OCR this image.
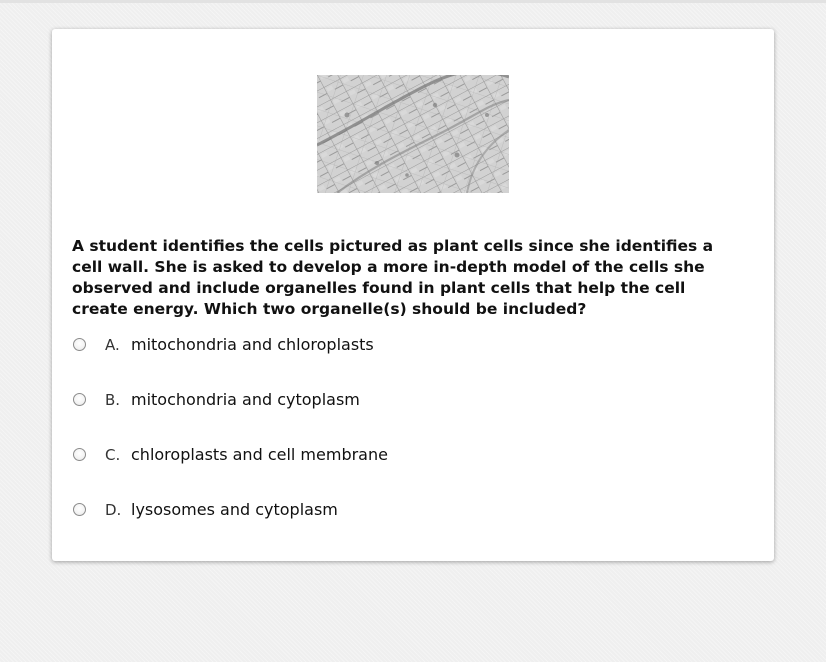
A student identifies the cells pictured as plant cells since she identifies a cell wall. She is asked to develop a more in-depth model of the cells she observed and include organelles found in plant cells that help the cell create energy. Which two organelle(s) should be included?

A. mitochondria and chloroplasts
B. mitochondria and cytoplasm
C. chloroplasts and cell membrane
D. lysosomes and cytoplasm
